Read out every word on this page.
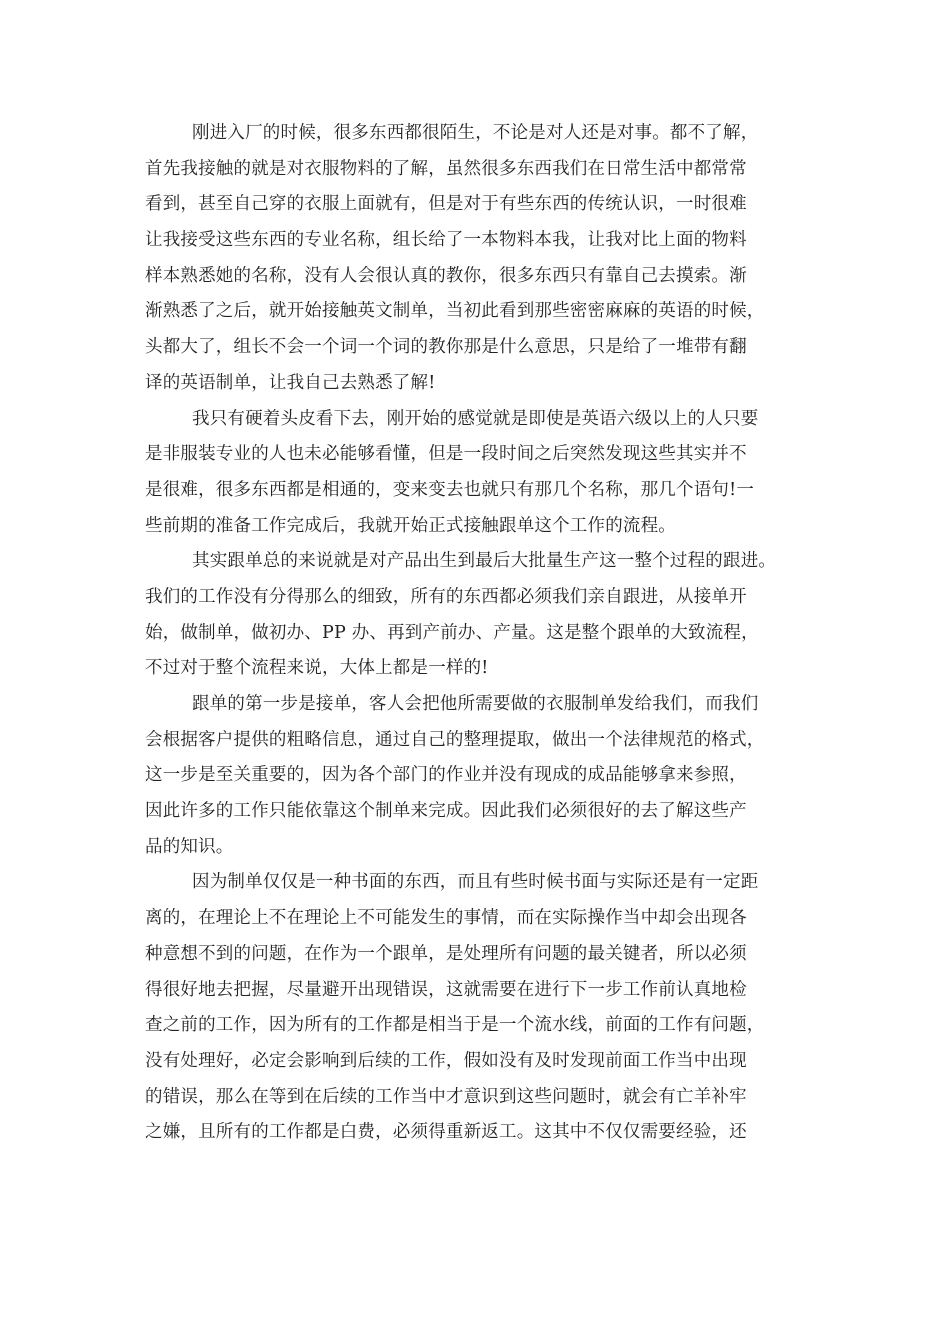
刚进入厂的时候，很多东西都很陌生，不论是对人还是对事。都不了解，
首先我接触的就是对衣服物料的了解，虽然很多东西我们在日常生活中都常常
看到，甚至自己穿的衣服上面就有，但是对于有些东西的传统认识，一时很难
让我接受这些东西的专业名称，组长给了一本物料本我，让我对比上面的物料
样本熟悉她的名称，没有人会很认真的教你，很多东西只有靠自己去摸索。渐
渐熟悉了之后，就开始接触英文制单，当初此看到那些密密麻麻的英语的时候，
头都大了，组长不会一个词一个词的教你那是什么意思，只是给了一堆带有翻
译的英语制单，让我自己去熟悉了解!
我只有硬着头皮看下去，刚开始的感觉就是即使是英语六级以上的人只要
是非服装专业的人也未必能够看懂，但是一段时间之后突然发现这些其实并不
是很难，很多东西都是相通的，变来变去也就只有那几个名称，那几个语句!一
些前期的准备工作完成后，我就开始正式接触跟单这个工作的流程。
其实跟单总的来说就是对产品出生到最后大批量生产这一整个过程的跟进。
我们的工作没有分得那么的细致，所有的东西都必须我们亲自跟进，从接单开
始，做制单，做初办、PP 办、再到产前办、产量。这是整个跟单的大致流程，
不过对于整个流程来说，大体上都是一样的!
跟单的第一步是接单，客人会把他所需要做的衣服制单发给我们，而我们
会根据客户提供的粗略信息，通过自己的整理提取，做出一个法律规范的格式，
这一步是至关重要的，因为各个部门的作业并没有现成的成品能够拿来参照，
因此许多的工作只能依靠这个制单来完成。因此我们必须很好的去了解这些产
品的知识。
因为制单仅仅是一种书面的东西，而且有些时候书面与实际还是有一定距
离的，在理论上不在理论上不可能发生的事情，而在实际操作当中却会出现各
种意想不到的问题，在作为一个跟单，是处理所有问题的最关键者，所以必须
得很好地去把握，尽量避开出现错误，这就需要在进行下一步工作前认真地检
查之前的工作，因为所有的工作都是相当于是一个流水线，前面的工作有问题，
没有处理好，必定会影响到后续的工作，假如没有及时发现前面工作当中出现
的错误，那么在等到在后续的工作当中才意识到这些问题时，就会有亡羊补牢
之嫌，且所有的工作都是白费，必须得重新返工。这其中不仅仅需要经验，还
